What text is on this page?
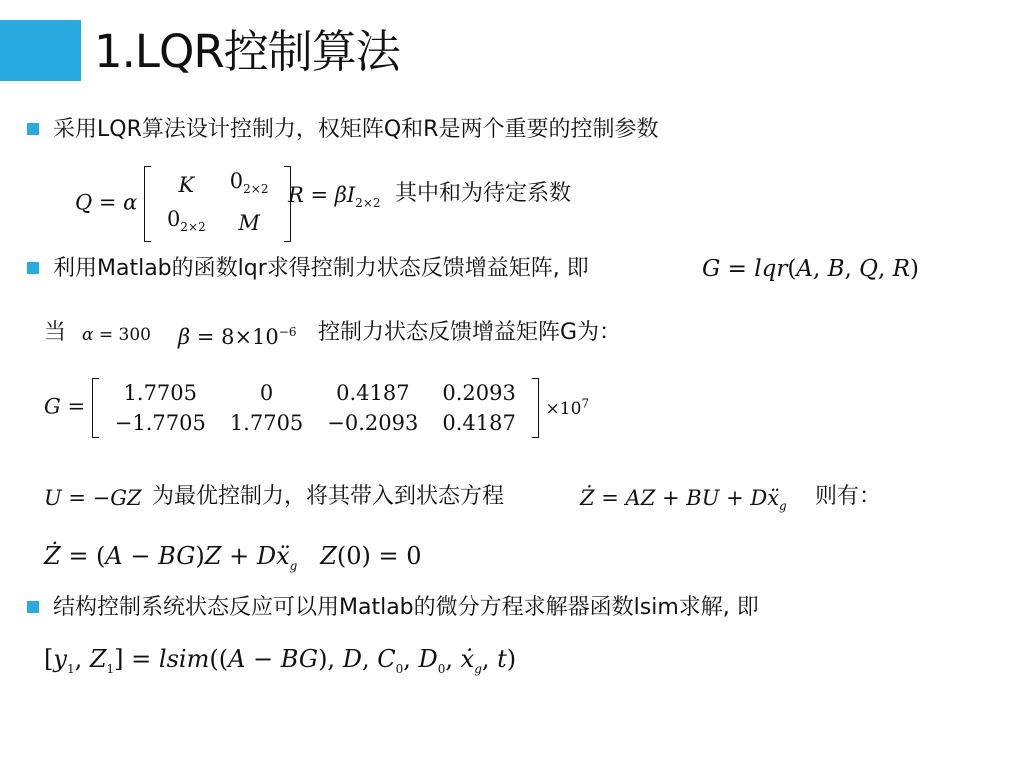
1.LQR控制算法
采用LQR算法设计控制力，权矩阵Q和R是两个重要的控制参数
Q = α
K	$0_{2\times 2}$
$0_{2\times 2}$	M
$R = \beta I_{2\times 2}$ 其中和为待定系数
利用Matlab的函数lqr求得控制力状态反馈增益矩阵, 即	G = lqr(A, B, Q, R)
当 α = 300 $\beta = 8\times 10^{-6}$ 控制力状态反馈增益矩阵G为：
G =
1.7705	0	0.4187	0.2093
−1.7705	1.7705	−0.2093	0.4187
$\times 10^7$
U = −GZ 为最优控制力，将其带入到状态方程	Ż = AZ + BU + Dẍ$_g$ 则有：
Ż = (A − BG)Z + Dẍ$_g$ Z(0) = 0
结构控制系统状态反应可以用Matlab的微分方程求解器函数lsim求解, 即
[$y_1$, $Z_1$] = lsim((A − BG), D, $C_0$, $D_0$, ẋ$_g$, t)
